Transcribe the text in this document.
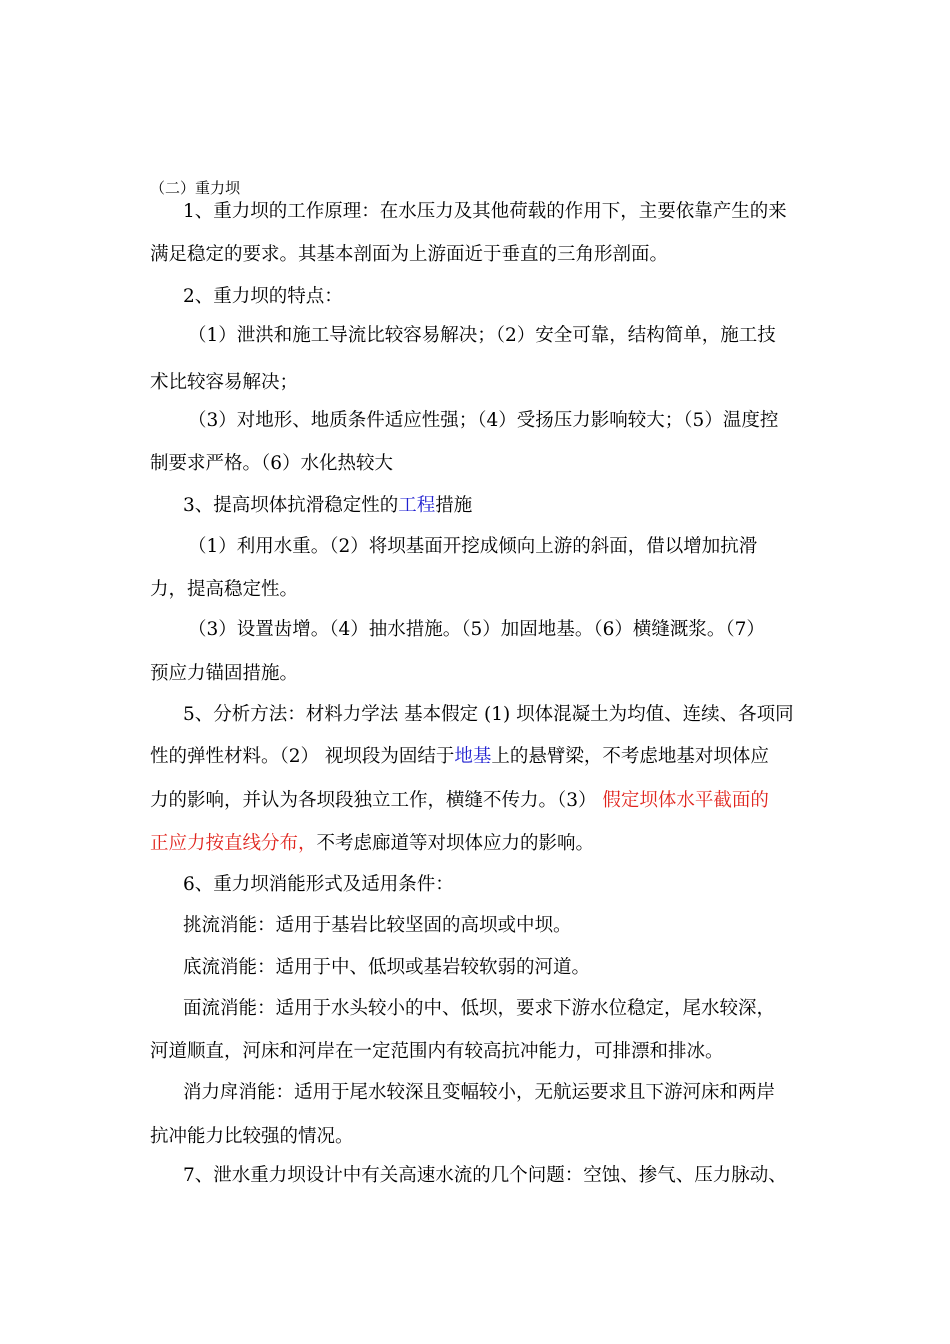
（二）重力坝
1、重力坝的工作原理：在水压力及其他荷载的作用下，主要依靠产生的来
满足稳定的要求。其基本剖面为上游面近于垂直的三角形剖面。
2、重力坝的特点：
（1）泄洪和施工导流比较容易解决；（2）安全可靠，结构简单，施工技
术比较容易解决；
（3）对地形、地质条件适应性强；（4）受扬压力影响较大；（5）温度控
制要求严格。（6）水化热较大
3、提高坝体抗滑稳定性的工程措施
（1）利用水重。（2）将坝基面开挖成倾向上游的斜面，借以增加抗滑
力，提高稳定性。
（3）设置齿增。（4）抽水措施。（5）加固地基。（6）横缝溉浆。（7）
预应力锚固措施。
5、分析方法：材料力学法 基本假定 (1) 坝体混凝土为均值、连续、各项同
性的弹性材料。（2） 视坝段为固结于地基上的悬臂梁，不考虑地基对坝体应
力的影响，并认为各坝段独立工作，横缝不传力。（3） 假定坝体水平截面的
正应力按直线分布，不考虑廊道等对坝体应力的影响。
6、重力坝消能形式及适用条件：
挑流消能：适用于基岩比较坚固的高坝或中坝。
底流消能：适用于中、低坝或基岩较软弱的河道。
面流消能：适用于水头较小的中、低坝，要求下游水位稳定，尾水较深，
河道顺直，河床和河岸在一定范围内有较高抗冲能力，可排漂和排冰。
消力戽消能：适用于尾水较深且变幅较小，无航运要求且下游河床和两岸
抗冲能力比较强的情况。
7、泄水重力坝设计中有关高速水流的几个问题：空蚀、掺气、压力脉动、
